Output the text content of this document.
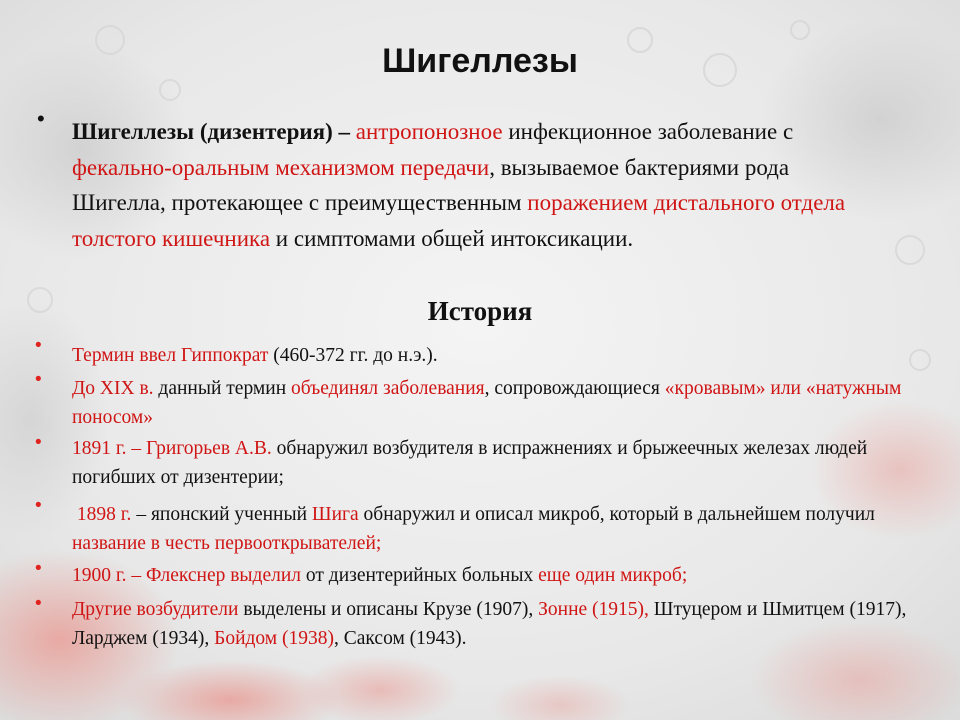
Шигеллезы
•
Шигеллезы (дизентерия) – антропонозное инфекционное заболевание с фекально-оральным механизмом передачи, вызываемое бактериями рода Шигелла, протекающее с преимущественным поражением дистального отдела толстого кишечника и симптомами общей интоксикации.
История
• Термин ввел Гиппократ (460-372 гг. до н.э.).
• До XIX в. данный термин объединял заболевания, сопровождающиеся «кровавым» или «натужным поносом»
• 1891 г. – Григорьев А.В. обнаружил возбудителя в испражнениях и брыжеечных железах людей погибших от дизентерии;
• 1898 г. – японский ученный Шига обнаружил и описал микроб, который в дальнейшем получил название в честь первооткрывателей;
• 1900 г. – Флекснер выделил от дизентерийных больных еще один микроб;
• Другие возбудители выделены и описаны Крузе (1907), Зонне (1915), Штуцером и Шмитцем (1917), Ларджем (1934), Бойдом (1938), Саксом (1943).
